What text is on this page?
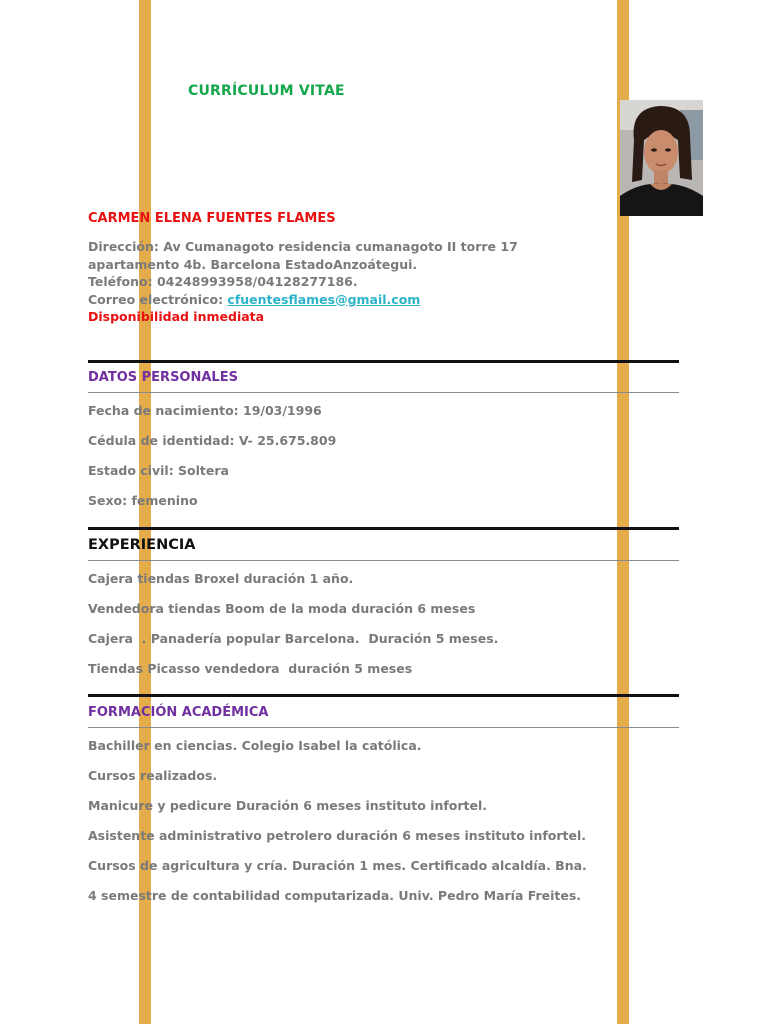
CURRÍCULUM VITAE
CARMEN ELENA FUENTES FLAMES
Dirección: Av Cumanagoto residencia cumanagoto II torre 17
apartamento 4b. Barcelona EstadoAnzoátegui.
Teléfono: 04248993958/04128277186.
Correo electrónico: cfuentesflames@gmail.com
Disponibilidad inmediata
DATOS PERSONALES
Fecha de nacimiento: 19/03/1996
Cédula de identidad: V- 25.675.809
Estado civil: Soltera
Sexo: femenino
EXPERIENCIA
Cajera tiendas Broxel duración 1 año.
Vendedora tiendas Boom de la moda duración 6 meses
Cajera  . Panadería popular Barcelona.  Duración 5 meses.
Tiendas Picasso vendedora  duración 5 meses
FORMACIÓN ACADÉMICA
Bachiller en ciencias. Colegio Isabel la católica.
Cursos realizados.
Manicure y pedicure Duración 6 meses instituto infortel.
Asistente administrativo petrolero duración 6 meses instituto infortel.
Cursos de agricultura y cría. Duración 1 mes. Certificado alcaldía. Bna.
4 semestre de contabilidad computarizada. Univ. Pedro María Freites.
